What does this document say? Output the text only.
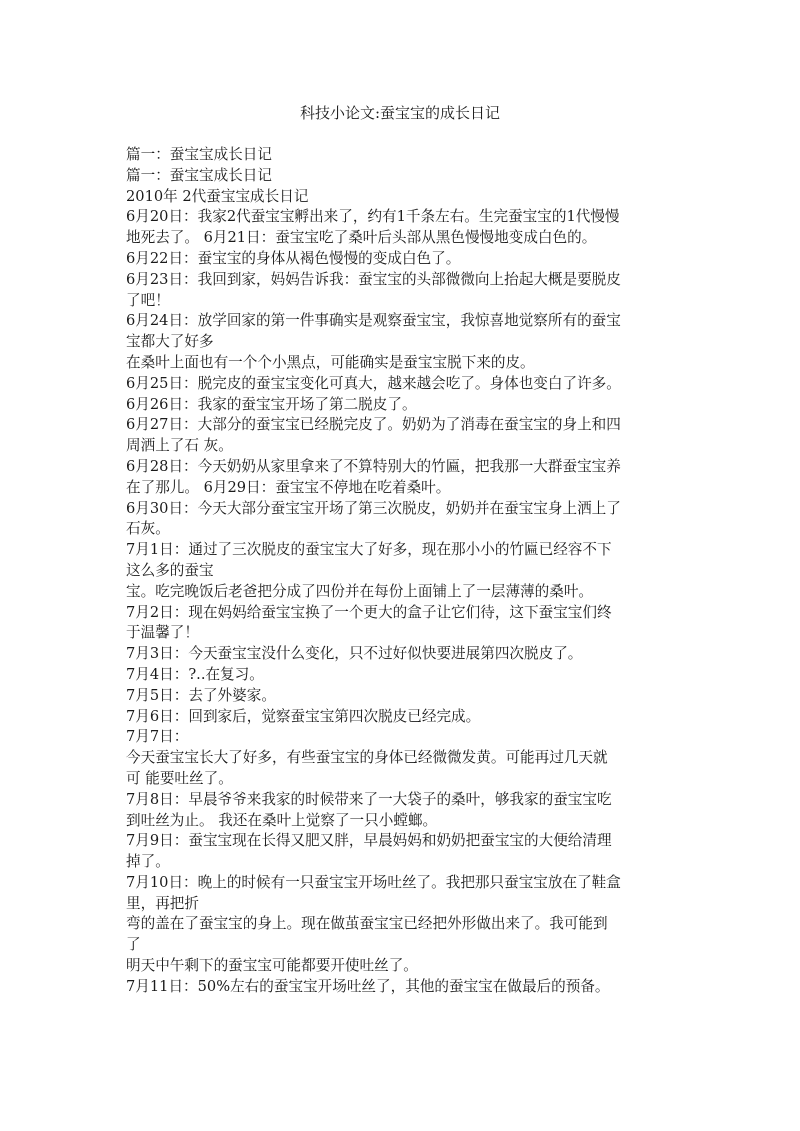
科技小论文:蚕宝宝的成长日记
篇一：蚕宝宝成长日记
篇一：蚕宝宝成长日记
2010年 2代蚕宝宝成长日记
6月20日：我家2代蚕宝宝孵出来了，约有1千条左右。生完蚕宝宝的1代慢慢
地死去了。 6月21日：蚕宝宝吃了桑叶后头部从黑色慢慢地变成白色的。
6月22日：蚕宝宝的身体从褐色慢慢的变成白色了。
6月23日：我回到家，妈妈告诉我：蚕宝宝的头部微微向上抬起大概是要脱皮
了吧！
6月24日：放学回家的第一件事确实是观察蚕宝宝，我惊喜地觉察所有的蚕宝
宝都大了好多
在桑叶上面也有一个个小黑点，可能确实是蚕宝宝脱下来的皮。
6月25日：脱完皮的蚕宝宝变化可真大，越来越会吃了。身体也变白了许多。
6月26日：我家的蚕宝宝开场了第二脱皮了。
6月27日：大部分的蚕宝宝已经脱完皮了。奶奶为了消毒在蚕宝宝的身上和四
周洒上了石 灰。
6月28日：今天奶奶从家里拿来了不算特别大的竹匾，把我那一大群蚕宝宝养
在了那儿。 6月29日：蚕宝宝不停地在吃着桑叶。
6月30日：今天大部分蚕宝宝开场了第三次脱皮，奶奶并在蚕宝宝身上洒上了
石灰。
7月1日：通过了三次脱皮的蚕宝宝大了好多，现在那小小的竹匾已经容不下
这么多的蚕宝
宝。吃完晚饭后老爸把分成了四份并在每份上面铺上了一层薄薄的桑叶。
7月2日：现在妈妈给蚕宝宝换了一个更大的盒子让它们待，这下蚕宝宝们终
于温馨了！
7月3日：今天蚕宝宝没什么变化，只不过好似快要进展第四次脱皮了。
7月4日：?..在复习。
7月5日：去了外婆家。
7月6日：回到家后，觉察蚕宝宝第四次脱皮已经完成。
7月7日：
今天蚕宝宝长大了好多，有些蚕宝宝的身体已经微微发黄。可能再过几天就
可 能要吐丝了。
7月8日：早晨爷爷来我家的时候带来了一大袋子的桑叶，够我家的蚕宝宝吃
到吐丝为止。 我还在桑叶上觉察了一只小螳螂。
7月9日：蚕宝宝现在长得又肥又胖，早晨妈妈和奶奶把蚕宝宝的大便给清理
掉了。
7月10日：晚上的时候有一只蚕宝宝开场吐丝了。我把那只蚕宝宝放在了鞋盒
里，再把折
弯的盖在了蚕宝宝的身上。现在做茧蚕宝宝已经把外形做出来了。我可能到
了
明天中午剩下的蚕宝宝可能都要开使吐丝了。
7月11日：50%左右的蚕宝宝开场吐丝了，其他的蚕宝宝在做最后的预备。
